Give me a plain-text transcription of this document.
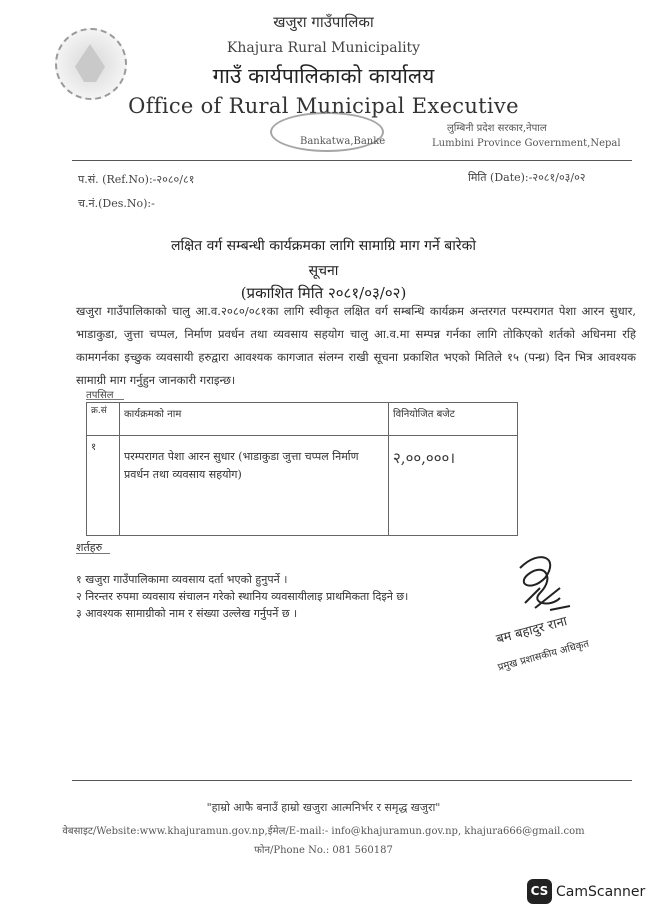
खजुरा गाउँपालिका
Khajura Rural Municipality
गाउँ कार्यपालिकाको कार्यालय
Office of Rural Municipal Executive
Bankatwa,Banke
लुम्बिनी प्रदेश सरकार,नेपाल
Lumbini Province Government,Nepal
प.सं. (Ref.No):-२०८०/८१	मिति (Date):-२०८१/०३/०२
च.नं.(Des.No):-
लक्षित वर्ग सम्बन्धी कार्यक्रमका लागि सामाग्रि माग गर्ने बारेको
सूचना
(प्रकाशित मिति २०८१/०३/०२)
खजुरा गाउँपालिकाको चालु आ.व.२०८०/०८१का लागि स्वीकृत लक्षित वर्ग सम्बन्धि कार्यक्रम अन्तरगत परम्परागत पेशा आरन सुधार, भाडाकुडा, जुत्ता चप्पल, निर्माण प्रवर्धन तथा व्यवसाय सहयोग चालु आ.व.मा सम्पन्न गर्नका लागि तोकिएको शर्तको अधिनमा रहि कामगर्नका इच्छुक व्यवसायी हरुद्वारा आवश्यक कागजात संलग्न राखी सूचना प्रकाशित भएको मितिले १५ (पन्ध्र) दिन भित्र आवश्यक सामाग्री माग गर्नुहुन जानकारी गराइन्छ।
तपसिल
क्र.सं	कार्यक्रमको नाम	विनियोजित बजेट
१	परम्परागत पेशा आरन सुधार (भाडाकुडा जुत्ता चप्पल निर्माण प्रवर्धन तथा व्यवसाय सहयोग)	२,००,०००।
शर्तहरु
१ खजुरा गाउँपालिकामा व्यवसाय दर्ता भएको हुनुपर्ने ।
२ निरन्तर रुपमा व्यवसाय संचालन गरेको स्थानिय व्यवसायीलाइ प्राथमिकता दिइने छ।
३ आवश्यक सामाग्रीको नाम र संख्या उल्लेख गर्नुपर्ने छ ।
बम बहादुर राना
प्रमुख प्रशासकीय अधिकृत
"हाम्रो आफै बनाउँ हाम्रो खजुरा आत्मनिर्भर र समृद्ध खजुरा"
वेबसाइट/Website:www.khajuramun.gov.np,ईमेल/E-mail:- info@khajuramun.gov.np, khajura666@gmail.com
फोन/Phone No.: 081 560187
CS CamScanner
